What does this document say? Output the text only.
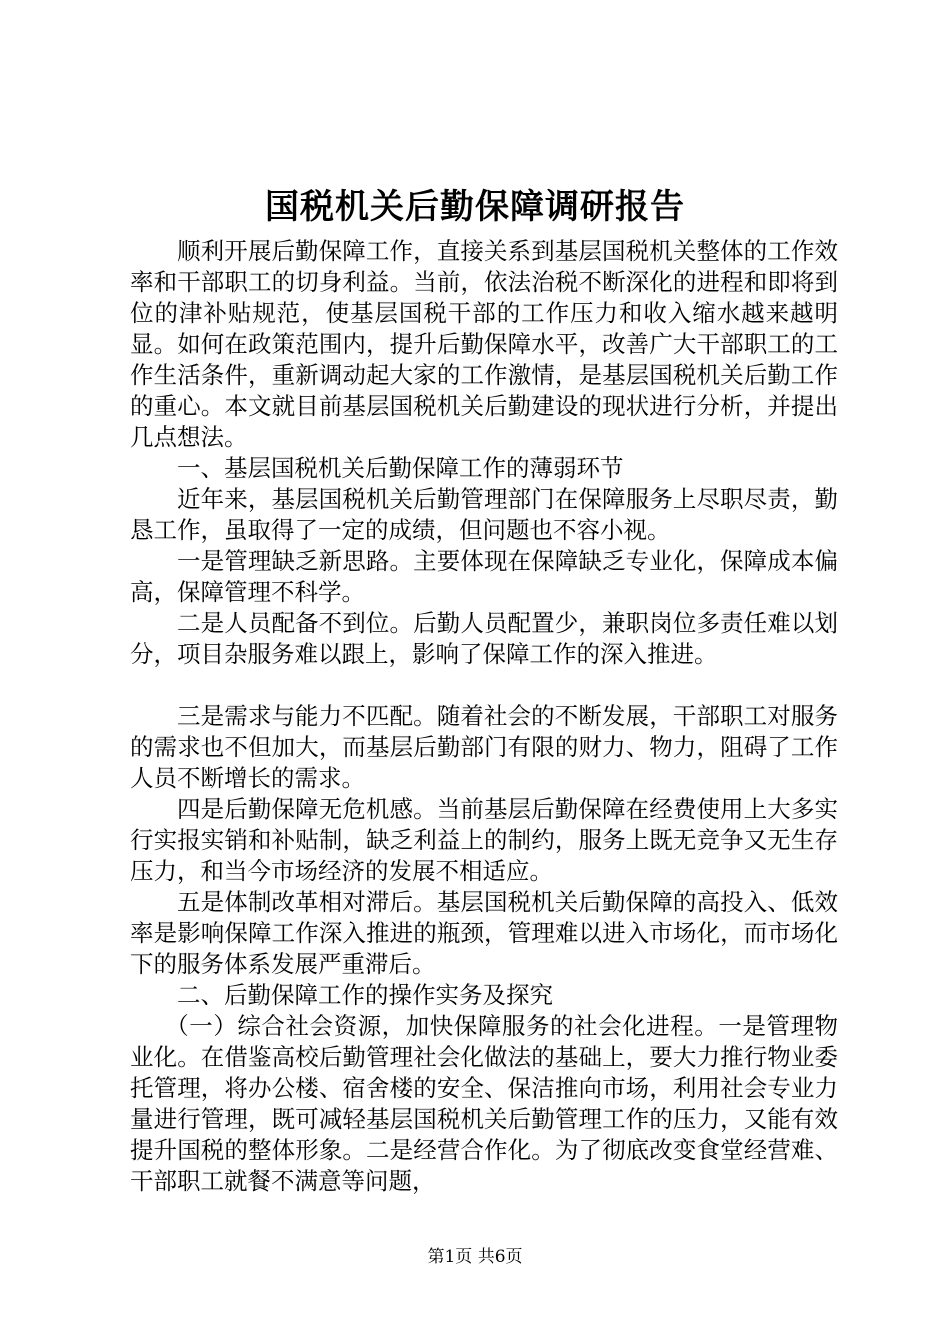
国税机关后勤保障调研报告

顺利开展后勤保障工作，直接关系到基层国税机关整体的工作效率和干部职工的切身利益。当前，依法治税不断深化的进程和即将到位的津补贴规范，使基层国税干部的工作压力和收入缩水越来越明显。如何在政策范围内，提升后勤保障水平，改善广大干部职工的工作生活条件，重新调动起大家的工作激情，是基层国税机关后勤工作的重心。本文就目前基层国税机关后勤建设的现状进行分析，并提出几点想法。

一、基层国税机关后勤保障工作的薄弱环节

近年来，基层国税机关后勤管理部门在保障服务上尽职尽责，勤恳工作，虽取得了一定的成绩，但问题也不容小视。

一是管理缺乏新思路。主要体现在保障缺乏专业化，保障成本偏高，保障管理不科学。

二是人员配备不到位。后勤人员配置少，兼职岗位多责任难以划分，项目杂服务难以跟上，影响了保障工作的深入推进。

三是需求与能力不匹配。随着社会的不断发展，干部职工对服务的需求也不但加大，而基层后勤部门有限的财力、物力，阻碍了工作人员不断增长的需求。

四是后勤保障无危机感。当前基层后勤保障在经费使用上大多实行实报实销和补贴制，缺乏利益上的制约，服务上既无竞争又无生存压力，和当今市场经济的发展不相适应。

五是体制改革相对滞后。基层国税机关后勤保障的高投入、低效率是影响保障工作深入推进的瓶颈，管理难以进入市场化，而市场化下的服务体系发展严重滞后。

二、后勤保障工作的操作实务及探究

（一）综合社会资源，加快保障服务的社会化进程。一是管理物业化。在借鉴高校后勤管理社会化做法的基础上，要大力推行物业委托管理，将办公楼、宿舍楼的安全、保洁推向市场，利用社会专业力量进行管理，既可减轻基层国税机关后勤管理工作的压力，又能有效提升国税的整体形象。二是经营合作化。为了彻底改变食堂经营难、干部职工就餐不满意等问题，

第1页 共6页
